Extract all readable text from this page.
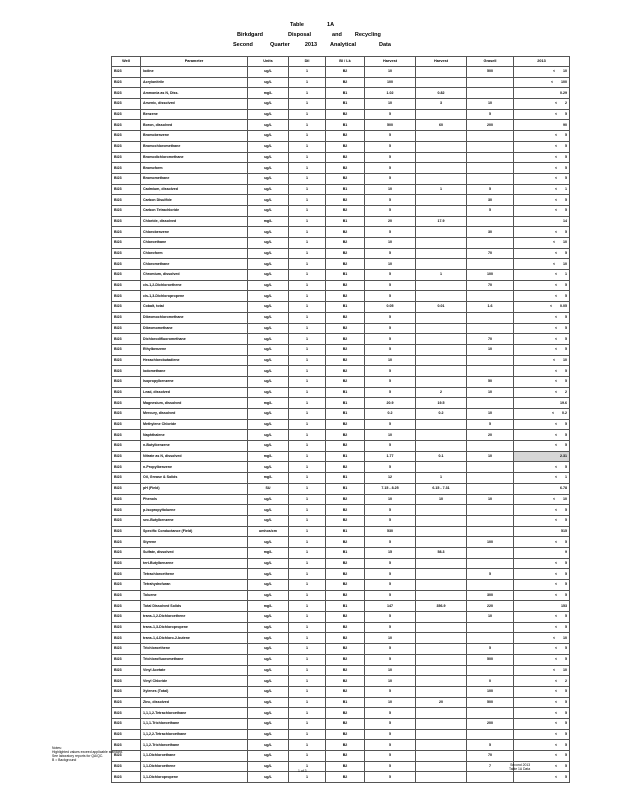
Table	1A
Birkdgard	Disposal	and Recycling
Second	Quarter	2013 Analytical	Data
Well	Parameter	Units	Dil	Bl / Lk	Harvest	Harvest	Grasell	2013
BI23	Iodine	ug/L	1	B2	10		500	< 10
BI23	Acrylonitrile	ug/L	1	B2	100			< 100
BI23	Ammonia as N, Diss.	mg/L	1	B1	1.02	0.82		0.29
BI23	Arsenic, dissolved	ug/L	1	B1	10	3	10	< 2
BI23	Benzene	ug/L	1	B2	5		5	< 5
BI23	Boron, dissolved	ug/L	1	B1	500	60	200	90
BI23	Bromobenzene	ug/L	1	B2	5			< 5
BI23	Bromochloromethane	ug/L	1	B2	5			< 5
BI23	Bromodichloromethane	ug/L	1	B2	5			< 5
BI23	Bromoform	ug/L	1	B2	5			< 5
BI23	Bromomethane	ug/L	1	B2	5			< 5
BI23	Cadmium, dissolved	ug/L	1	B1	10	1	5	< 1
BI23	Carbon Disulfide	ug/L	1	B2	5		30	< 5
BI23	Carbon Tetrachloride	ug/L	1	B2	5		5	< 5
BI23	Chloride, dissolved	mg/L	1	B1	20	17.9		14
BI23	Chlorobenzene	ug/L	1	B2	5		30	< 5
BI23	Chloroethane	ug/L	1	B2	10			< 10
BI23	Chloroform	ug/L	1	B2	5		70	< 5
BI23	Chloromethane	ug/L	1	B2	10			< 10
BI23	Chromium, dissolved	ug/L	1	B1	5	1	100	< 1
BI23	cis-1,2-Dichloroethene	ug/L	1	B2	5		70	< 5
BI23	cis-1,3-Dichloropropene	ug/L	1	B2	5			< 5
BI23	Cobalt, total	ug/L	1	B1	0.05	0.01	1.6	< 0.05
BI23	Dibromochloromethane	ug/L	1	B2	5			< 5
BI23	Dibromomethane	ug/L	1	B2	5			< 5
BI23	Dichlorodifluoromethane	ug/L	1	B2	5		70	< 5
BI23	Ethylbenzene	ug/L	1	B2	5		10	< 5
BI23	Hexachlorobutadiene	ug/L	1	B2	10			< 10
BI23	Iodomethane	ug/L	1	B2	5			< 5
BI23	Isopropylbenzene	ug/L	1	B2	5		50	< 5
BI23	Lead, dissolved	ug/L	1	B1	5	2	10	< 2
BI23	Magnesium, dissolved	mg/L	1	B1	20.9	19.5		19.6
BI23	Mercury, dissolved	ug/L	1	B1	0.2	0.2	10	< 0.2
BI23	Methylene Chloride	ug/L	1	B2	5		5	< 5
BI23	Naphthalene	ug/L	1	B2	10		20	< 5
BI23	n-Butylbenzene	ug/L	1	B2	5			< 5
BI23	Nitrate as N, dissolved	mg/L	1	B1	1.77	0.1	10	2.31
BI23	n-Propylbenzene	ug/L	1	B2	5			< 5
BI23	Oil, Grease & Solids	mg/L	1	B1	12	1		< 1
BI23	pH (Field)	SU	1	B1	7.15 - 8.25	6.15 - 7.31		6.78
BI23	Phenols	ug/L	1	B2	10	10	10	< 10
BI23	p-Isopropyltoluene	ug/L	1	B2	5			< 5
BI23	sec-Butylbenzene	ug/L	1	B2	5			< 5
BI23	Specific Conductance (Field)	umhos/cm	1	B1	530			515
BI23	Styrene	ug/L	1	B2	5		100	< 5
BI23	Sulfate, dissolved	mg/L	1	B1	15	58.3		9
BI23	tert-Butylbenzene	ug/L	1	B2	5			< 5
BI23	Tetrachloroethene	ug/L	1	B2	5		5	< 5
BI23	Tetrahydrofuran	ug/L	1	B2	5			< 5
BI23	Toluene	ug/L	1	B2	5		300	< 5
BI23	Total Dissolved Solids	mg/L	1	B1	147	356.9	220	153
BI23	trans-1,2-Dichloroethene	ug/L	1	B2	5		10	< 5
BI23	trans-1,3-Dichloropropene	ug/L	1	B2	5			< 5
BI23	trans-1,4-Dichloro-2-butene	ug/L	1	B2	10			< 10
BI23	Trichloroethene	ug/L	1	B2	5		5	< 5
BI23	Trichlorofluoromethane	ug/L	1	B2	5		500	< 5
BI23	Vinyl Acetate	ug/L	1	B2	10			< 10
BI23	Vinyl Chloride	ug/L	1	B2	10		0	< 2
BI23	Xylenes (Total)	ug/L	1	B2	5		100	< 5
BI23	Zinc, dissolved	ug/L	1	B1	10	20	500	< 5
BI23	1,1,1,2-Tetrachloroethane	ug/L	1	B2	5			< 5
BI23	1,1,1-Trichloroethane	ug/L	1	B2	5		200	< 5
BI23	1,1,2,2-Tetrachloroethane	ug/L	1	B2	5			< 5
BI23	1,1,2-Trichloroethane	ug/L	1	B2	5		5	< 5
BI23	1,1-Dichloroethane	ug/L	1	B2	5		70	< 5
BI23	1,1-Dichloroethene	ug/L	1	B2	5		7	< 5
BI23	1,1-Dichloropropene	ug/L	1	B2	5			< 5
Notes:
Highlighted values exceed applicable standard.
See laboratory reports for QA/QC.
B = Background
1 of 3
Second 2013
Table 1A Data
